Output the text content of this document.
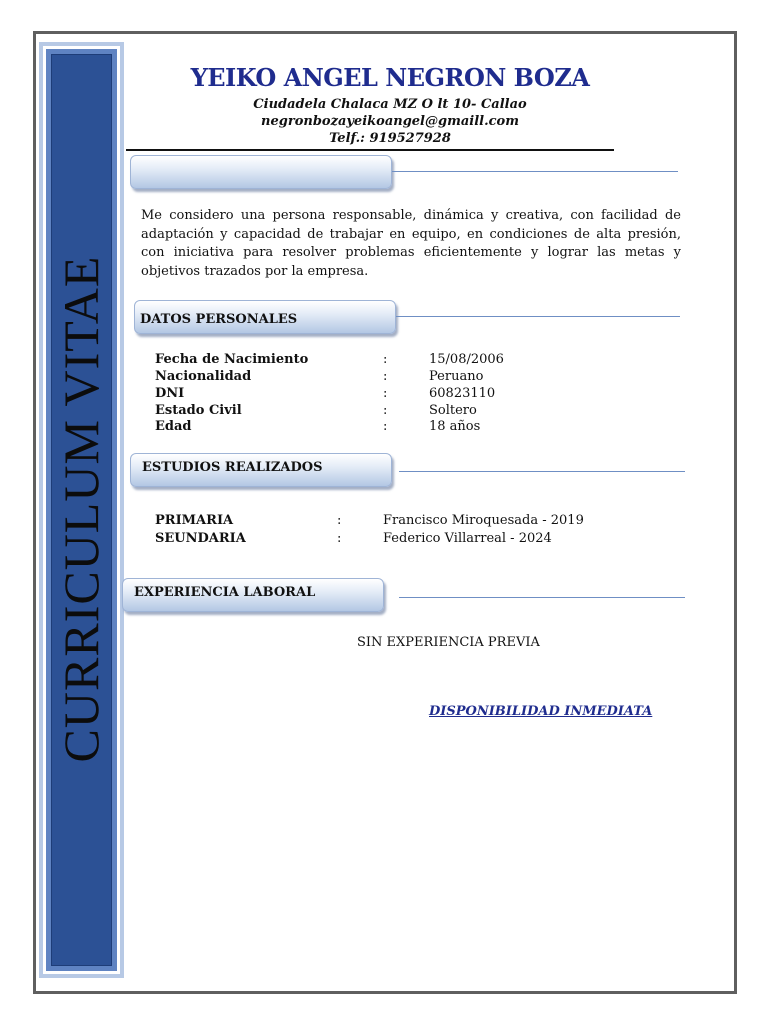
CURRICULUM VITAE
YEIKO ANGEL NEGRON BOZA
Ciudadela Chalaca MZ O lt 10- Callao
negronbozayeikoangel@gmaill.com
Telf.: 919527928
Me considero una persona responsable, dinámica y creativa, con facilidad de adaptación y capacidad de trabajar en equipo, en condiciones de alta presión, con iniciativa para resolver problemas eficientemente y lograr las metas y objetivos trazados por la empresa.
DATOS PERSONALES
Fecha de Nacimiento	:	15/08/2006
Nacionalidad	:	Peruano
DNI	:	60823110
Estado Civil	:	Soltero
Edad	:	18 años
ESTUDIOS REALIZADOS
PRIMARIA	:	Francisco Miroquesada - 2019
SEUNDARIA	:	Federico Villarreal - 2024
EXPERIENCIA LABORAL
SIN EXPERIENCIA PREVIA
DISPONIBILIDAD INMEDIATA
